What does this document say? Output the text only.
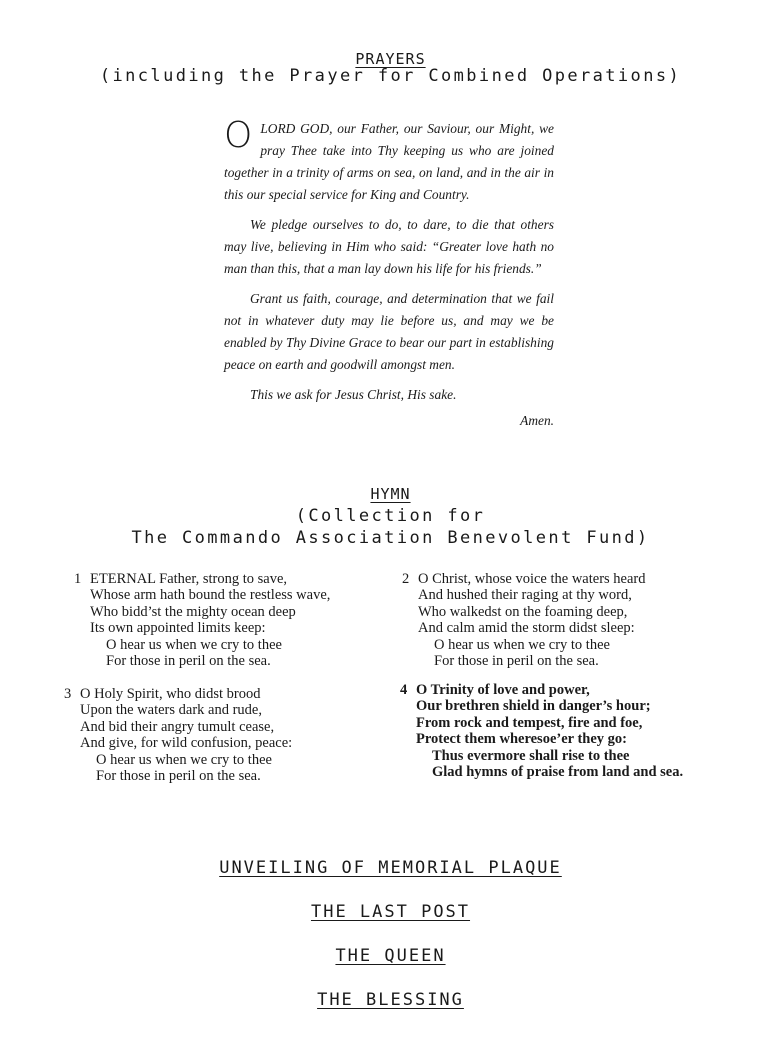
PRAYERS
(including the Prayer for Combined Operations)

OLORD GOD, our Father, our Saviour, our Might, we pray Thee take into Thy keeping us who are joined together in a trinity of arms on sea, on land, and in the air in this our special service for King and Country.

We pledge ourselves to do, to dare, to die that others may live, believing in Him who said: “Greater love hath no man than this, that a man lay down his life for his friends.”

Grant us faith, courage, and determination that we fail not in whatever duty may lie before us, and may we be enabled by Thy Divine Grace to bear our part in establishing peace on earth and goodwill amongst men.

This we ask for Jesus Christ, His sake.

Amen.
HYMN
(Collection for
The Commando Association Benevolent Fund)
1 ETERNAL Father, strong to save,
Whose arm hath bound the restless wave,
Who bidd’st the mighty ocean deep
Its own appointed limits keep:
O hear us when we cry to thee
For those in peril on the sea.
2 O Christ, whose voice the waters heard
And hushed their raging at thy word,
Who walkedst on the foaming deep,
And calm amid the storm didst sleep:
O hear us when we cry to thee
For those in peril on the sea.
3 O Holy Spirit, who didst brood
Upon the waters dark and rude,
And bid their angry tumult cease,
And give, for wild confusion, peace:
O hear us when we cry to thee
For those in peril on the sea.
4 O Trinity of love and power,
Our brethren shield in danger’s hour;
From rock and tempest, fire and foe,
Protect them wheresoe’er they go:
Thus evermore shall rise to thee
Glad hymns of praise from land and sea.
UNVEILING OF MEMORIAL PLAQUE
THE LAST POST
THE QUEEN
THE BLESSING
